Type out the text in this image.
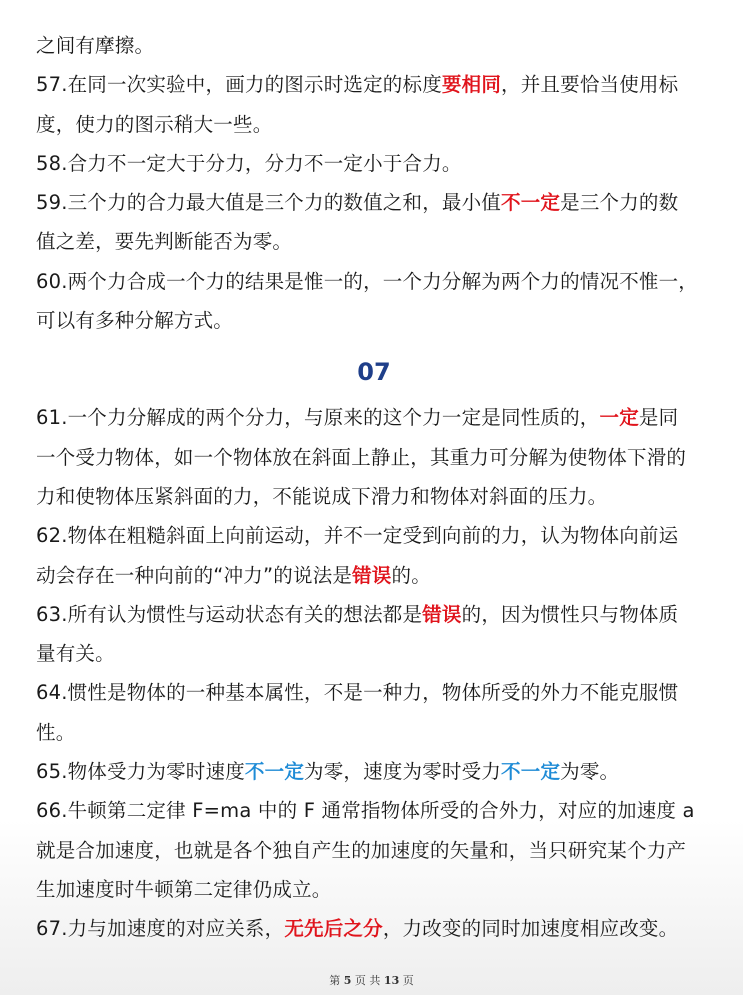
之间有摩擦。
57.在同一次实验中，画力的图示时选定的标度要相同，并且要恰当使用标
度，使力的图示稍大一些。
58.合力不一定大于分力，分力不一定小于合力。
59.三个力的合力最大值是三个力的数值之和，最小值不一定是三个力的数
值之差，要先判断能否为零。
60.两个力合成一个力的结果是惟一的，一个力分解为两个力的情况不惟一，
可以有多种分解方式。
07
61.一个力分解成的两个分力，与原来的这个力一定是同性质的，一定是同
一个受力物体，如一个物体放在斜面上静止，其重力可分解为使物体下滑的
力和使物体压紧斜面的力，不能说成下滑力和物体对斜面的压力。
62.物体在粗糙斜面上向前运动，并不一定受到向前的力，认为物体向前运
动会存在一种向前的“冲力”的说法是错误的。
63.所有认为惯性与运动状态有关的想法都是错误的，因为惯性只与物体质
量有关。
64.惯性是物体的一种基本属性，不是一种力，物体所受的外力不能克服惯
性。
65.物体受力为零时速度不一定为零，速度为零时受力不一定为零。
66.牛顿第二定律 F=ma 中的 F 通常指物体所受的合外力，对应的加速度 a
就是合加速度，也就是各个独自产生的加速度的矢量和，当只研究某个力产
生加速度时牛顿第二定律仍成立。
67.力与加速度的对应关系，无先后之分，力改变的同时加速度相应改变。
第 5 页 共 13 页
